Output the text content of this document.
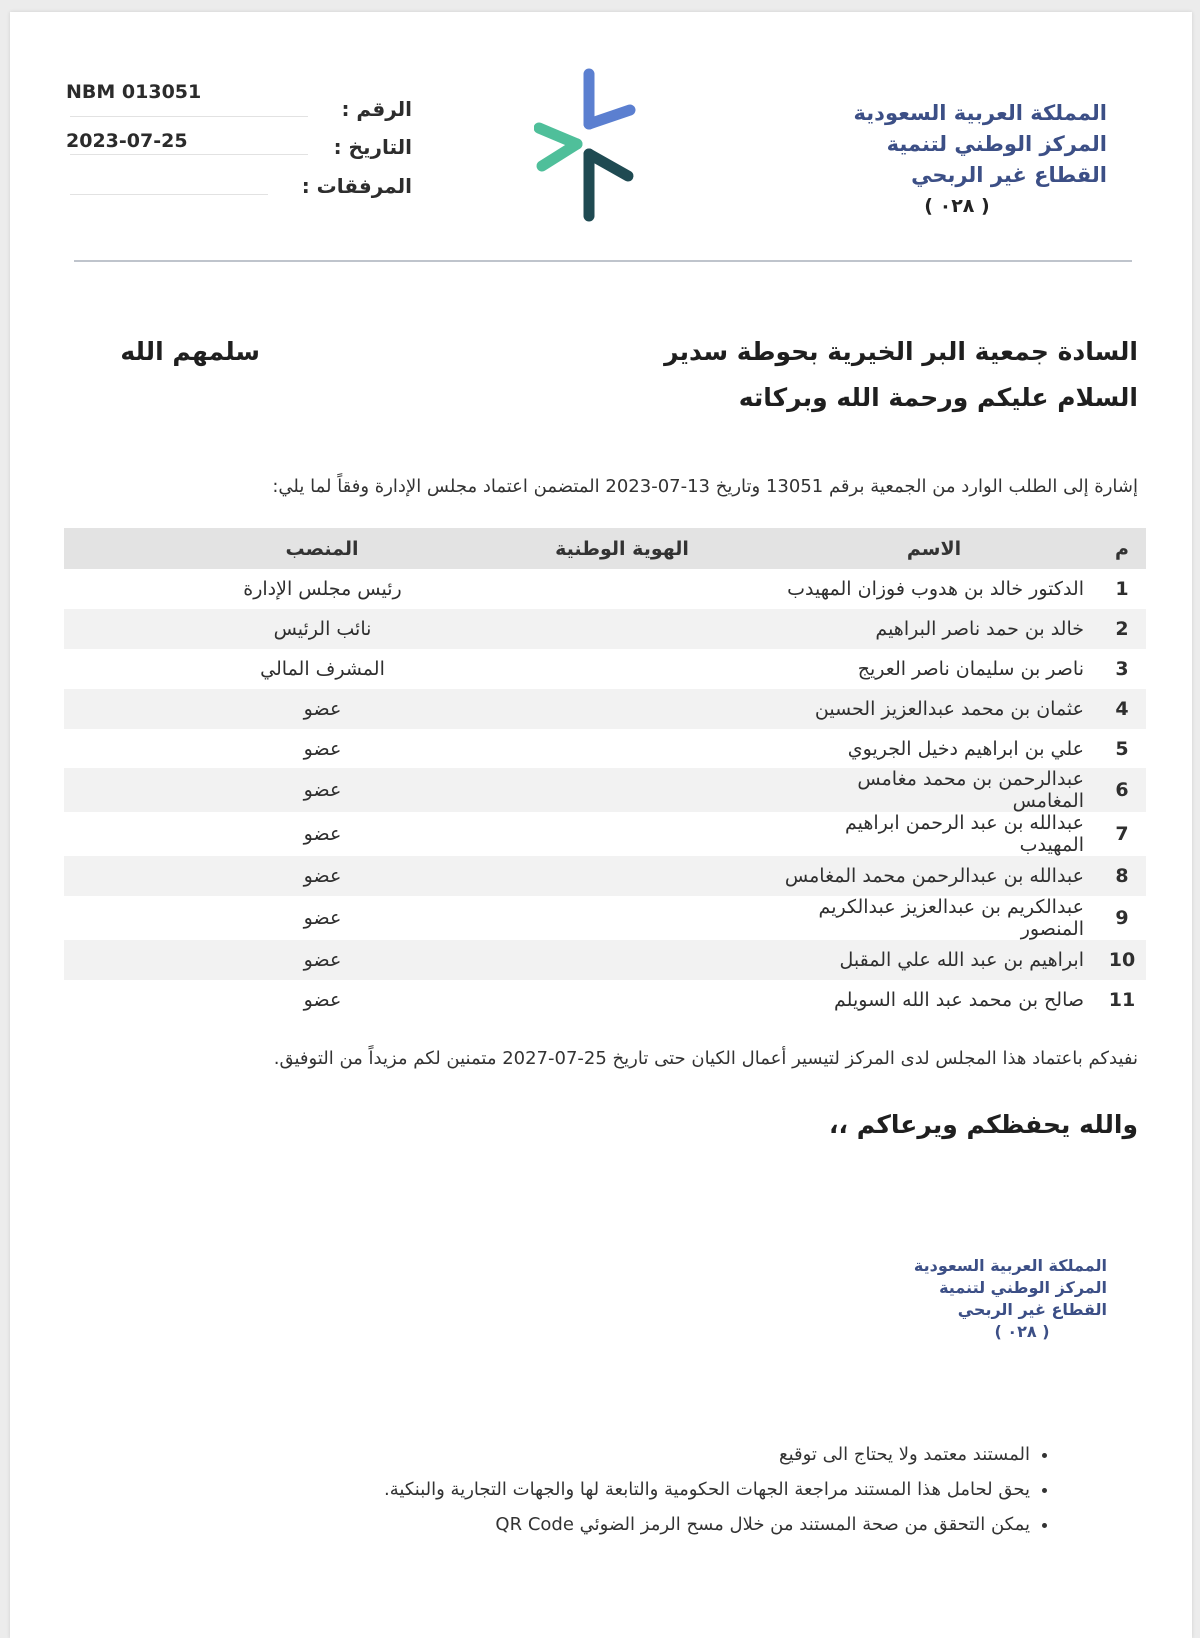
المملكة العربية السعودية
المركز الوطني لتنمية
القطاع غير الربحي
( ٠٢٨ )
الرقم :
NBM 013051
التاريخ :
2023-07-25
المرفقات :
السادة جمعية البر الخيرية بحوطة سدير
سلمهم الله
السلام عليكم ورحمة الله وبركاته
إشارة إلى الطلب الوارد من الجمعية برقم 13051 وتاريخ 13-07-2023 المتضمن اعتماد مجلس الإدارة وفقاً لما يلي:
م	الاسم	الهوية الوطنية	المنصب
1	الدكتور خالد بن هدوب فوزان المهيدب		رئيس مجلس الإدارة
2	خالد بن حمد ناصر البراهيم		نائب الرئيس
3	ناصر بن سليمان ناصر العريج		المشرف المالي
4	عثمان بن محمد عبدالعزيز الحسين		عضو
5	علي بن ابراهيم دخيل الجريوي		عضو
6	عبدالرحمن بن محمد مغامس المغامس		عضو
7	عبدالله بن عبد الرحمن ابراهيم المهيدب		عضو
8	عبدالله بن عبدالرحمن محمد المغامس		عضو
9	عبدالكريم بن عبدالعزيز عبدالكريم المنصور		عضو
10	ابراهيم بن عبد الله علي المقبل		عضو
11	صالح بن محمد عبد الله السويلم		عضو
نفيدكم باعتماد هذا المجلس لدى المركز لتيسير أعمال الكيان حتى تاريخ 25-07-2027 متمنين لكم مزيداً من التوفيق.
والله يحفظكم ويرعاكم ،،
المملكة العربية السعودية
المركز الوطني لتنمية
القطاع غير الربحي
( ٠٢٨ )
• المستند معتمد ولا يحتاج الى توقيع
• يحق لحامل هذا المستند مراجعة الجهات الحكومية والتابعة لها والجهات التجارية والبنكية.
• يمكن التحقق من صحة المستند من خلال مسح الرمز الضوئي QR Code
